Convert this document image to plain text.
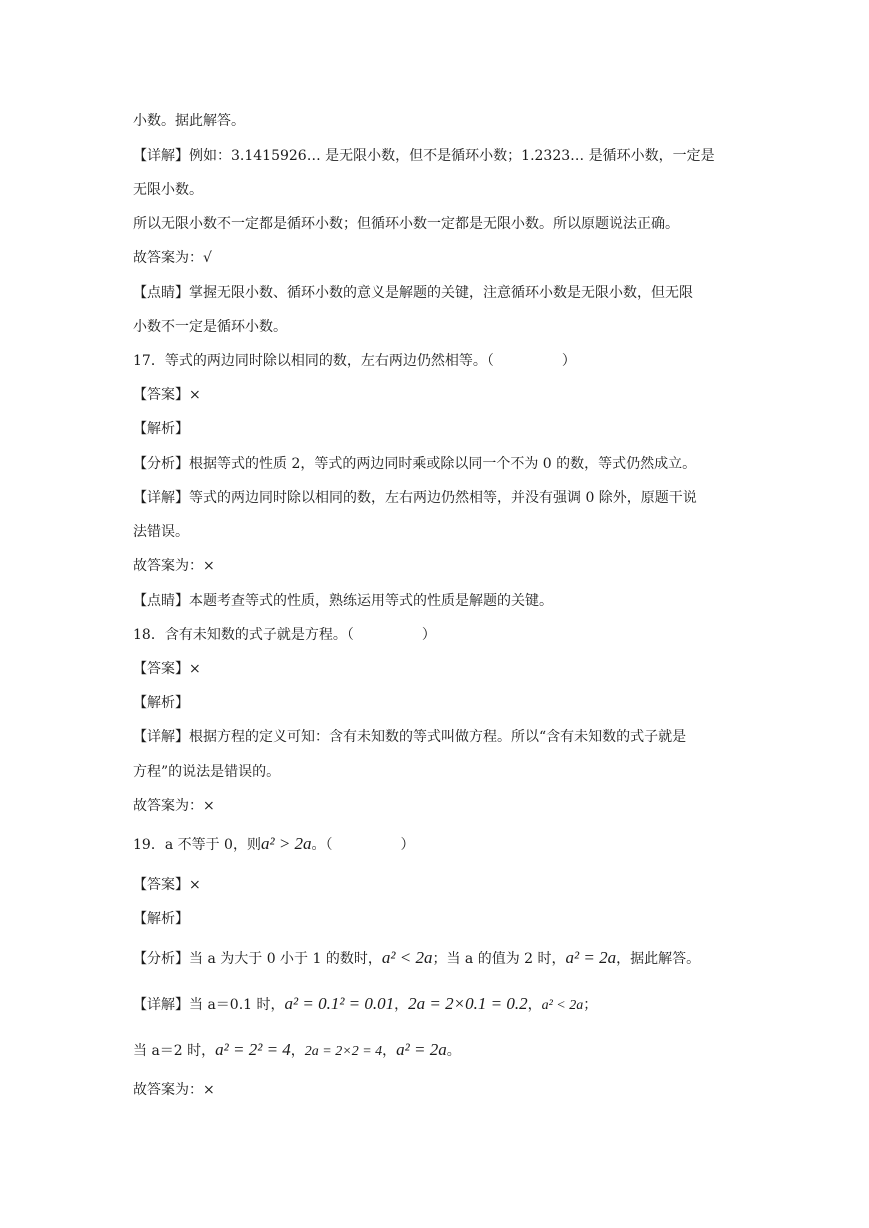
小数。据此解答。
【详解】例如：3.1415926… 是无限小数，但不是循环小数；1.2323… 是循环小数，一定是
无限小数。
所以无限小数不一定都是循环小数；但循环小数一定都是无限小数。所以原题说法正确。
故答案为：√
【点睛】掌握无限小数、循环小数的意义是解题的关键，注意循环小数是无限小数，但无限
小数不一定是循环小数。
17．等式的两边同时除以相同的数，左右两边仍然相等。（	）
【答案】×
【解析】
【分析】根据等式的性质 2，等式的两边同时乘或除以同一个不为 0 的数，等式仍然成立。
【详解】等式的两边同时除以相同的数，左右两边仍然相等，并没有强调 0 除外，原题干说
法错误。
故答案为：×
【点睛】本题考查等式的性质，熟练运用等式的性质是解题的关键。
18．含有未知数的式子就是方程。（	）
【答案】×
【解析】
【详解】根据方程的定义可知：含有未知数的等式叫做方程。所以“含有未知数的式子就是
方程”的说法是错误的。
故答案为：×
19．a 不等于 0，则a² > 2a。（	）
【答案】×
【解析】
【分析】当 a 为大于 0 小于 1 的数时，a² < 2a；当 a 的值为 2 时，a² = 2a，据此解答。
【详解】当 a＝0.1 时，a² = 0.1² = 0.01，2a = 2×0.1 = 0.2，a² < 2a；
当 a＝2 时，a² = 2² = 4，2a = 2×2 = 4，a² = 2a。
故答案为：×
